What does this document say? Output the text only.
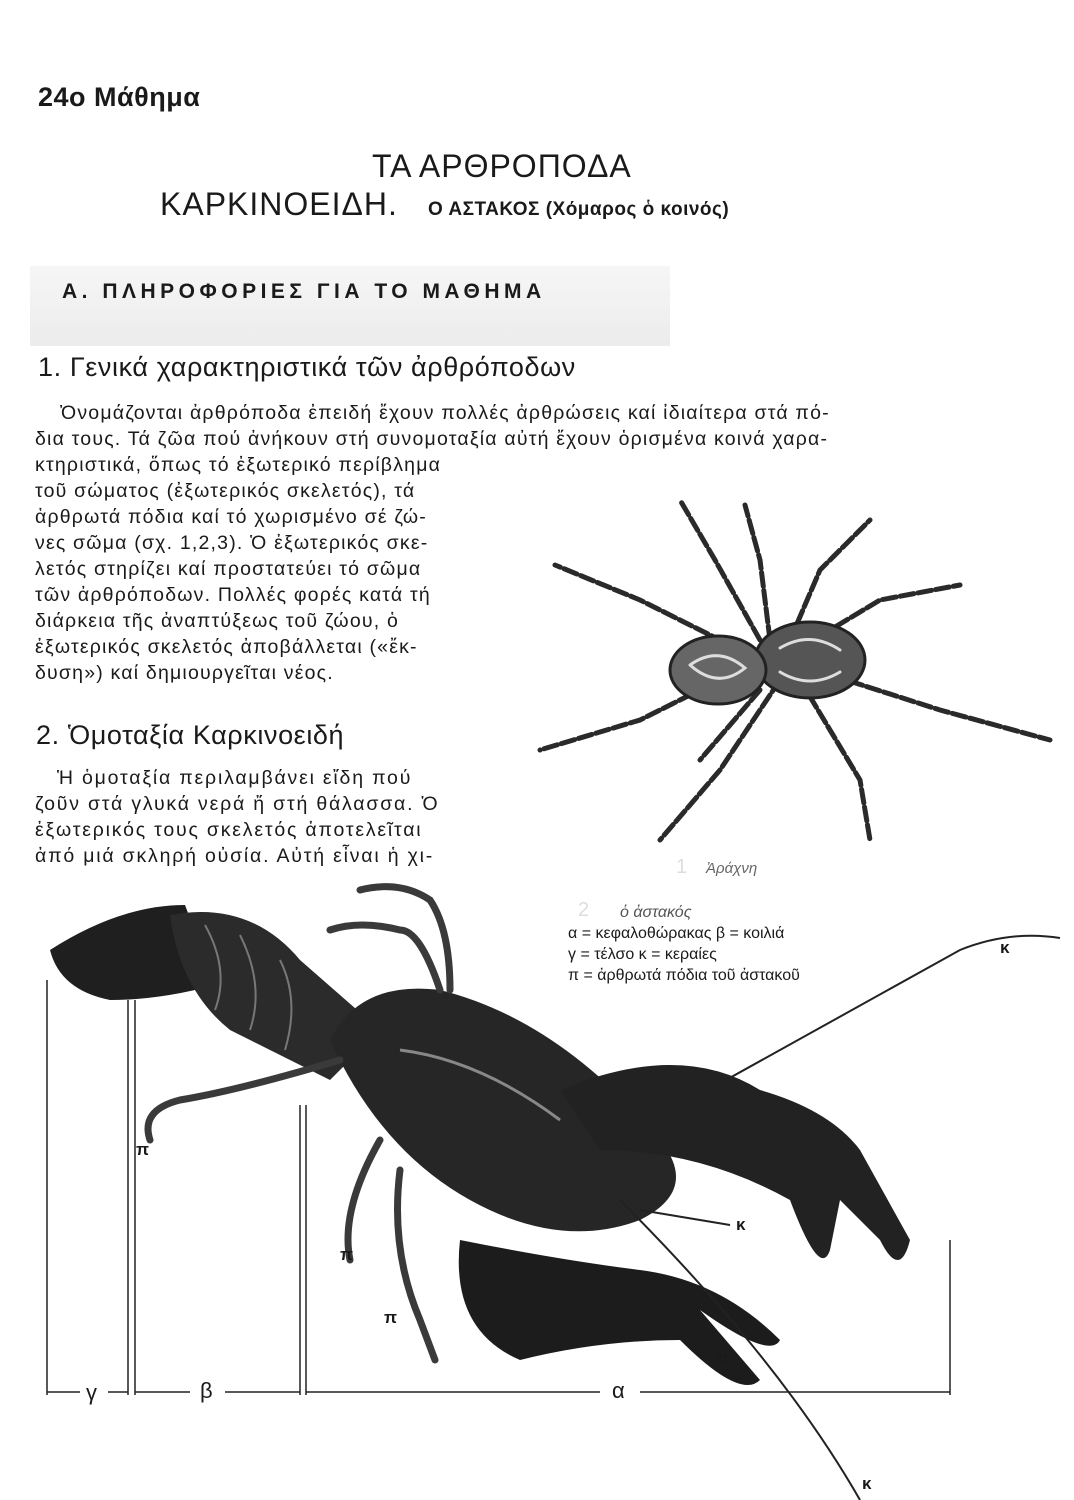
24ο Μάθημα
ΤΑ ΑΡΘΡΟΠΟΔΑ
ΚΑΡΚΙΝΟΕΙΔΗ. Ο ΑΣΤΑΚΟΣ (Χόμαρος ὁ κοινός)
Α. ΠΛΗΡΟΦΟΡΙΕΣ ΓΙΑ ΤΟ ΜΑΘΗΜΑ
1. Γενικά χαρακτηριστικά τῶν ἀρθρόποδων
Ὀνομάζονται ἀρθρόποδα ἐπειδή ἔχουν πολλές ἀρθρώσεις καί ἰδιαίτερα στά πό-
δια τους. Τά ζῶα πού ἀνήκουν στή συνομοταξία αὐτή ἔχουν ὁρισμένα κοινά χαρα-
κτηριστικά, ὅπως τό ἐξωτερικό περίβλημα
τοῦ σώματος (ἐξωτερικός σκελετός), τά
ἀρθρωτά πόδια καί τό χωρισμένο σέ ζώ-
νες σῶμα (σχ. 1,2,3). Ὁ ἐξωτερικός σκε-
λετός στηρίζει καί προστατεύει τό σῶμα
τῶν ἀρθρόποδων. Πολλές φορές κατά τή
διάρκεια τῆς ἀναπτύξεως τοῦ ζώου, ὁ
ἐξωτερικός σκελετός ἀποβάλλεται («ἔκ-
δυση») καί δημιουργεῖται νέος.
2. Ὁμοταξία Καρκινοειδή
Ἡ ὁμοταξία περιλαμβάνει εἴδη πού
ζοῦν στά γλυκά νερά ἤ στή θάλασσα. Ὁ
ἐξωτερικός τους σκελετός ἀποτελεῖται
ἀπό μιά σκληρή οὐσία. Αὐτή εἶναι ἡ χι-	1 Ἀράχνη
2 ὁ ἀστακός
α = κεφαλοθώρακας β = κοιλιά
γ = τέλσο κ = κεραίες
π = ἀρθρωτά πόδια τοῦ ἀστακοῦ
κ
κ
κ
π
π
π
π
γ	β	α
